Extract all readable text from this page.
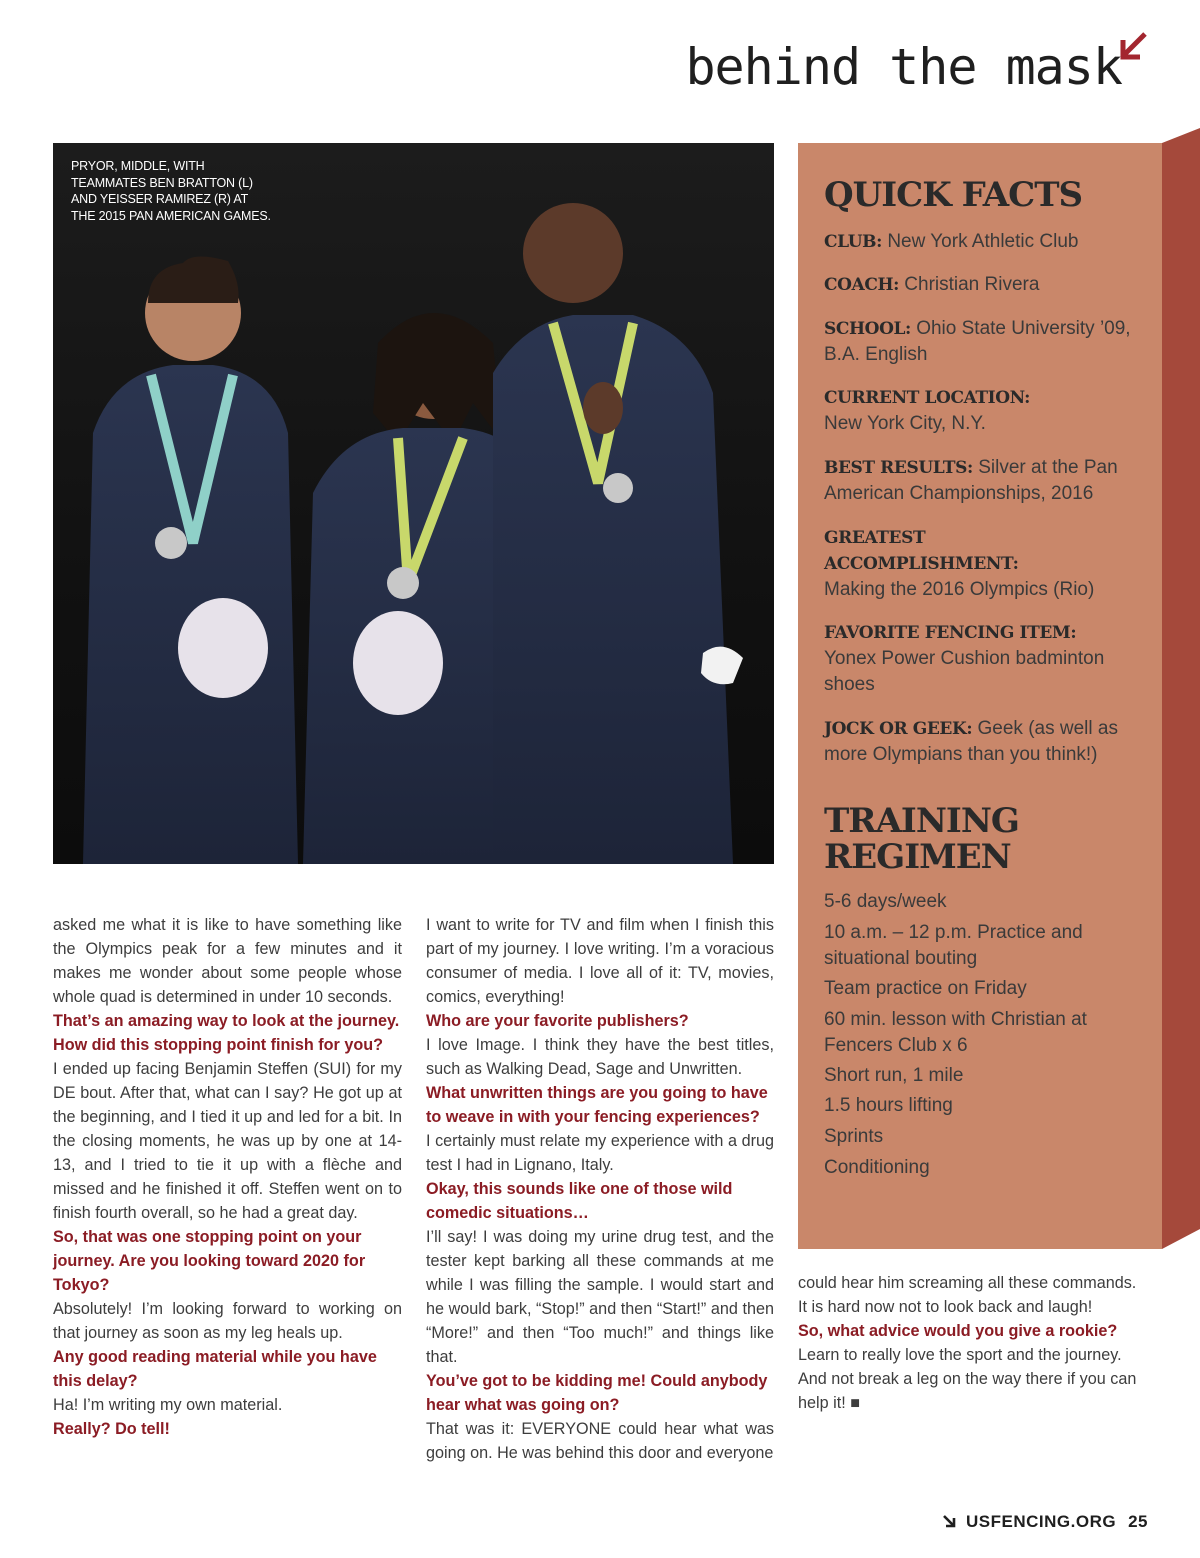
behind the mask
PRYOR, MIDDLE, WITH TEAMMATES BEN BRATTON (L) AND YEISSER RAMIREZ (R) AT THE 2015 PAN AMERICAN GAMES.
QUICK FACTS
CLUB: New York Athletic Club
COACH: Christian Rivera
SCHOOL: Ohio State University ’09, B.A. English
CURRENT LOCATION:
New York City, N.Y.
BEST RESULTS: Silver at the Pan American Championships, 2016
GREATEST ACCOMPLISHMENT:
Making the 2016 Olympics (Rio)
FAVORITE FENCING ITEM:
Yonex Power Cushion badminton shoes
JOCK OR GEEK: Geek (as well as more Olympians than you think!)
TRAINING REGIMEN
5-6 days/week
10 a.m. – 12 p.m. Practice and situational bouting
Team practice on Friday
60 min. lesson with Christian at Fencers Club x 6
Short run, 1 mile
1.5 hours lifting
Sprints
Conditioning

asked me what it is like to have something like the Olympics peak for a few minutes and it makes me wonder about some people whose whole quad is determined in under 10 seconds.

That’s an amazing way to look at the journey. How did this stopping point finish for you?

I ended up facing Benjamin Steffen (SUI) for my DE bout. After that, what can I say? He got up at the beginning, and I tied it up and led for a bit. In the closing moments, he was up by one at 14-13, and I tried to tie it up with a flèche and missed and he finished it off. Steffen went on to finish fourth overall, so he had a great day.

So, that was one stopping point on your journey. Are you looking toward 2020 for Tokyo?

Absolutely! I’m looking forward to working on that journey as soon as my leg heals up.

Any good reading material while you have this delay?

Ha! I’m writing my own material.

Really? Do tell!

I want to write for TV and film when I finish this part of my journey. I love writing. I’m a voracious consumer of media. I love all of it: TV, movies, comics, everything!

Who are your favorite publishers?

I love Image. I think they have the best titles, such as Walking Dead, Sage and Unwritten.

What unwritten things are you going to have to weave in with your fencing experiences?

I certainly must relate my experience with a drug test I had in Lignano, Italy.

Okay, this sounds like one of those wild comedic situations…

I’ll say! I was doing my urine drug test, and the tester kept barking all these commands at me while I was filling the sample. I would start and he would bark, “Stop!” and then “Start!” and then “More!” and then “Too much!” and things like that.

You’ve got to be kidding me! Could anybody hear what was going on?

That was it: EVERYONE could hear what was going on. He was behind this door and everyone

could hear him screaming all these commands. It is hard now not to look back and laugh!

So, what advice would you give a rookie?

Learn to really love the sport and the journey. And not break a leg on the way there if you can help it! ■

USFENCING.ORG 25
